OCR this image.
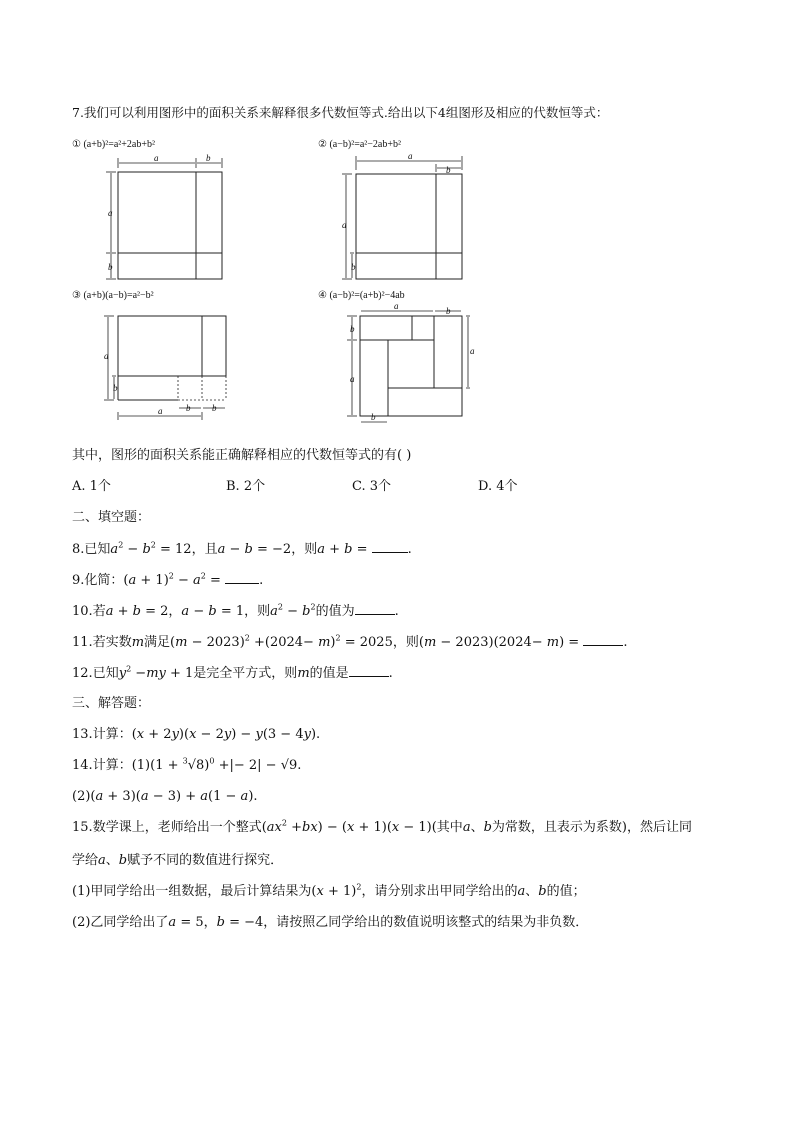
7.我们可以利用图形中的面积关系来解释很多代数恒等式.给出以下4组图形及相应的代数恒等式：
① (a+b)²=a²+2ab+b²	② (a−b)²=a²−2ab+b²
③ (a+b)(a−b)=a²−b²	④ (a−b)²=(a+b)²−4ab
a	b
a
b
a
b
a
b
a
b
b b
a
a	b
b
a
a
b
其中，图形的面积关系能正确解释相应的代数恒等式的有( )
A. 1个	B. 2个	C. 3个	D. 4个
二、填空题：
8.已知$a^2 - b^2 = 12$，且a − b = −2，则a + b =	.
9.化简：$(a + 1)^2 - a^2$ =	.
10.若a + b = 2，a − b = 1，则$a^2 - b^2$的值为	.
11.若实数m满足$(m - 2023)^2 +(2024- m)^2 = 2025$，则(m − 2023)(2024− m) =	.
12.已知$y^2 -my + 1$是完全平方式，则m的值是	.
三、解答题：
13.计算：(x + 2y)(x − 2y) − y(3 − 4y).
14.计算：$(1)(1 + ^3√8)^0$ +|− 2| − √9.
(2)(a + 3)(a − 3) + a(1 − a).
15.数学课上，老师给出一个整式$(ax^2 +bx) - (x + 1)(x - 1)$(其中a、b为常数，且表示为系数)，然后让同
学给a、b赋予不同的数值进行探究．
(1)甲同学给出一组数据，最后计算结果为$(x + 1)^2$，请分别求出甲同学给出的a、b的值；
(2)乙同学给出了a = 5，b = −4，请按照乙同学给出的数值说明该整式的结果为非负数．
